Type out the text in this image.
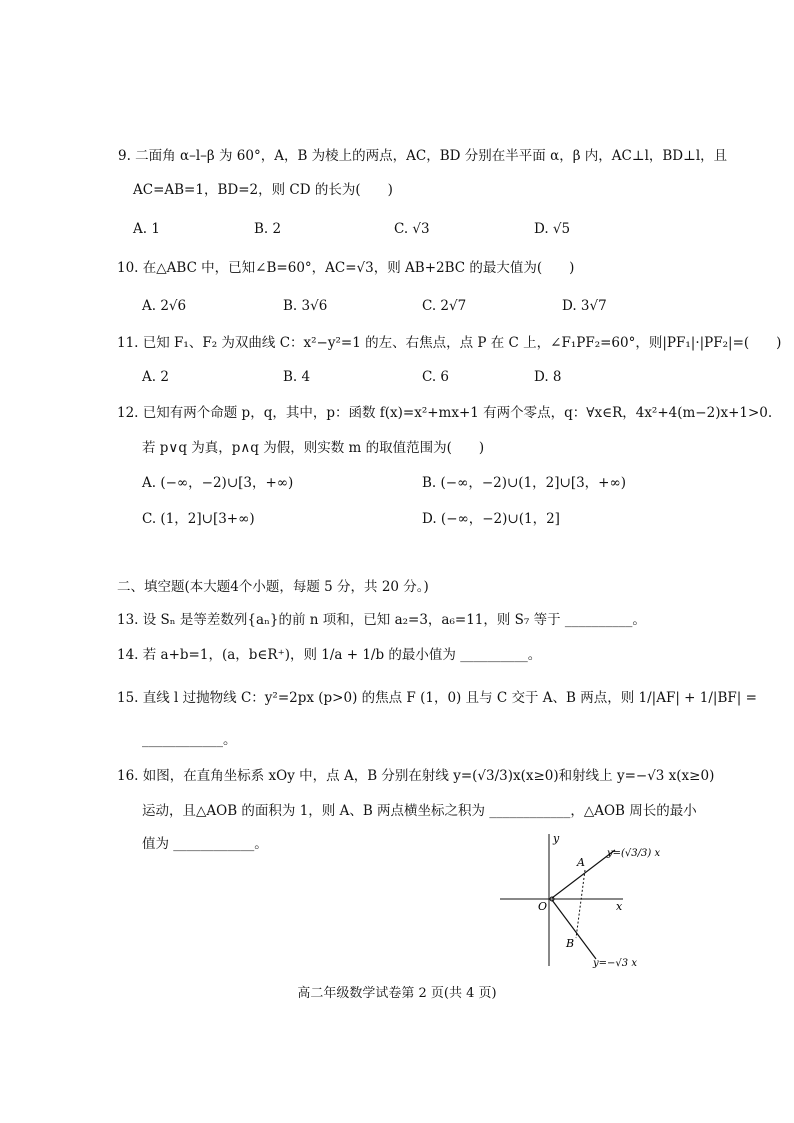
9. 二面角 α–l–β 为 60°，A，B 为棱上的两点，AC，BD 分别在半平面 α，β 内，AC⊥l，BD⊥l，且
AC=AB=1，BD=2，则 CD 的长为(　　)
A. 1	B. 2	C. √3	D. √5
10. 在△ABC 中，已知∠B=60°，AC=√3，则 AB+2BC 的最大值为(　　)
A. 2√6	B. 3√6	C. 2√7	D. 3√7
11. 已知 F₁、F₂ 为双曲线 C：x²−y²=1 的左、右焦点，点 P 在 C 上，∠F₁PF₂=60°，则|PF₁|·|PF₂|=(　　)
A. 2	B. 4	C. 6	D. 8
12. 已知有两个命题 p，q，其中，p：函数 f(x)=x²+mx+1 有两个零点，q：∀x∈R，4x²+4(m−2)x+1>0.
若 p∨q 为真，p∧q 为假，则实数 m 的取值范围为(　　)
A. (−∞，−2)∪[3，+∞)	B. (−∞，−2)∪(1，2]∪[3，+∞)
C. (1，2]∪[3+∞)	D. (−∞，−2)∪(1，2]
二、填空题(本大题4个小题，每题 5 分，共 20 分。)
13. 设 Sₙ 是等差数列{aₙ}的前 n 项和，已知 a₂=3，a₆=11，则 S₇ 等于 __________。
14. 若 a+b=1，(a，b∈R⁺)，则 1/a + 1/b 的最小值为 __________。
15. 直线 l 过抛物线 C：y²=2px (p>0) 的焦点 F (1，0) 且与 C 交于 A、B 两点，则 1/|AF| + 1/|BF| =
____________。
16. 如图，在直角坐标系 xOy 中，点 A，B 分别在射线 y=(√3/3)x(x≥0)和射线上 y=−√3 x(x≥0)
运动，且△AOB 的面积为 1，则 A、B 两点横坐标之积为 ____________，△AOB 周长的最小
值为 ____________。	y
x
O
A
B
y=(√3/3) x
y=−√3 x
高二年级数学试卷第 2 页(共 4 页)
